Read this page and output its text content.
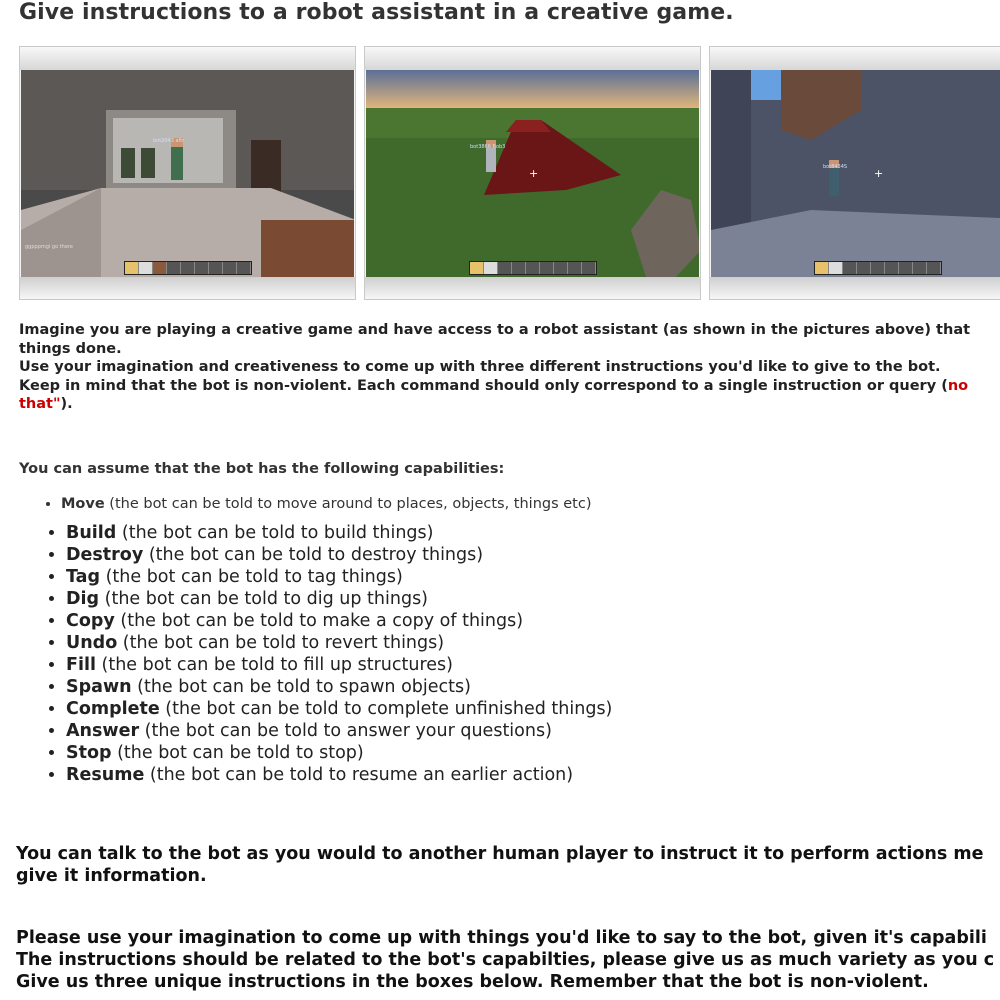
Give instructions to a robot assistant in a creative game.
bot2043 aftr
ggpppmgl go there
bot3866 Bob3
+	bot8434S +

Imagine you are playing a creative game and have access to a robot assistant (as shown in the pictures above) that

things done.

Use your imagination and creativeness to come up with three different instructions you'd like to give to the bot.

Keep in mind that the bot is non-violent. Each command should only correspond to a single instruction or query (no

that").

You can assume that the bot has the following capabilities:
• Move (the bot can be told to move around to places, objects, things etc)
• Build (the bot can be told to build things)
• Destroy (the bot can be told to destroy things)
• Tag (the bot can be told to tag things)
• Dig (the bot can be told to dig up things)
• Copy (the bot can be told to make a copy of things)
• Undo (the bot can be told to revert things)
• Fill (the bot can be told to fill up structures)
• Spawn (the bot can be told to spawn objects)
• Complete (the bot can be told to complete unfinished things)
• Answer (the bot can be told to answer your questions)
• Stop (the bot can be told to stop)
• Resume (the bot can be told to resume an earlier action)

You can talk to the bot as you would to another human player to instruct it to perform actions me

give it information.

Please use your imagination to come up with things you'd like to say to the bot, given it's capabili

The instructions should be related to the bot's capabilties, please give us as much variety as you c

Give us three unique instructions in the boxes below. Remember that the bot is non-violent.
